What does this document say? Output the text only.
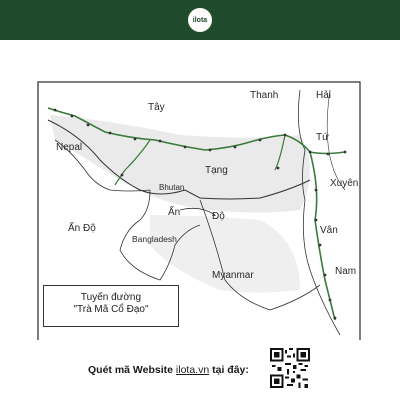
ilota
Tây
Tạng
Nepal
Bhutan
Ấn	Độ
Ấn Độ
Bangladesh
Myanmar
Thanh	Hải
Tứ
Xuyên
Vân
Nam
Tuyến đường
"Trà Mã Cổ Đạo"
Quét mã Website ilota.vn tại đây:
